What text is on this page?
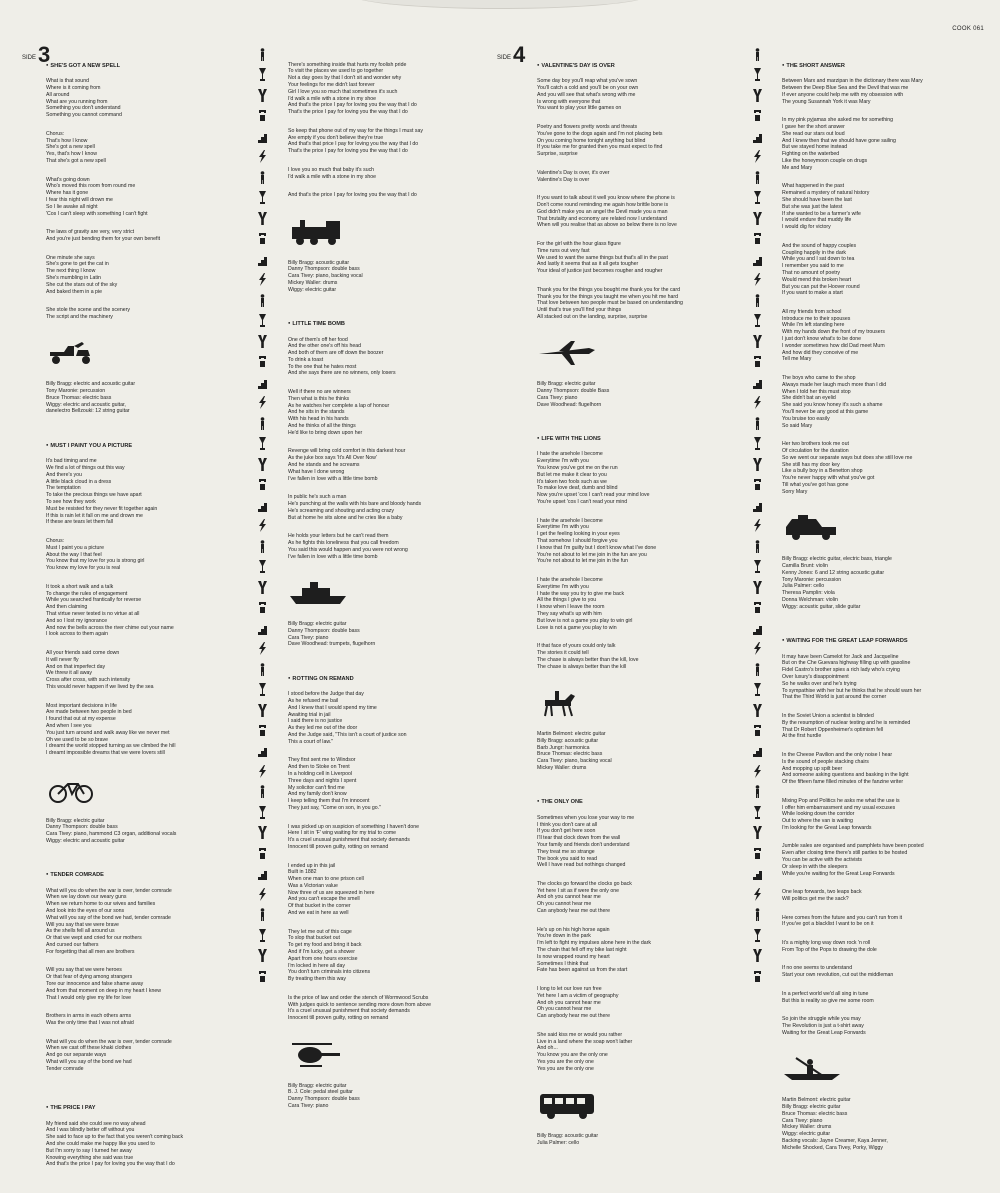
COOK 061
SIDE 3	SIDE 4

● SHE'S GOT A NEW SPELL

What is that sound
Where is it coming from
All around
What are you running from
Something you don't understand
Something you cannot command

Chorus:
That's how I know
She's got a new spell
Yes, that's how I know
That she's got a new spell

What's going down
Who's moved this room from round me
Where has it gone
I fear this night will drown me
So I lie awake all night
'Cos I can't sleep with something I can't fight

The laws of gravity are very, very strict
And you're just bending them for your own benefit

One minute she says
She's gone to get the cat in
The next thing I know
She's mumbling in Latin
She cut the stars out of the sky
And baked them in a pie

She stole the scene and the scenery
The script and the machinery

Billy Bragg: electric and acoustic guitar
Tony Maronie: percussion
Bruce Thomas: electric bass
Wiggy: electric and acoustic guitar,
danelectro Bellzouki: 12 string guitar

● MUST I PAINT YOU A PICTURE

It's bad timing and me
We find a lot of things out this way
And there's you
A little black cloud in a dress
The temptation
To take the precious things we have apart
To see how they work
Must be resisted for they never fit together again
If this is rain let it fall on me and drown me
If these are tears let them fall

Chorus:
Must I paint you a picture
About the way I that feel
You know that my love for you is strong girl
You know my love for you is real

It took a short walk and a talk
To change the rules of engagement
While you searched frantically for reverse
And then claiming
That virtue never tested is no virtue at all
And so I lost my ignorance
And now the bells across the river chime out your name
I look across to them again

All your friends said come down
It will never fly
And on that imperfect day
We threw it all away
Cross after cross, with such intensity
This would never happen if we lived by the sea

Most important decisions in life
Are made between two people in bed
I found that out at my expense
And when I see you
You just turn around and walk away like we never met
Oh we used to be so brave
I dreamt the world stopped turning as we climbed the hill
I dreamt impossible dreams that we were lovers still

Billy Bragg: electric guitar
Danny Thompson: double bass
Cara Tivey: piano, hammond C3 organ, additional vocals
Wiggy: electric and acoustic guitar

● TENDER COMRADE

What will you do when the war is over, tender comrade
When we lay down our weary guns
When we return home to our wives and families
And look into the eyes of our sons
What will you say of the bond we had, tender comrade
Will you say that we were brave
As the shells fell all around us
Or that we wept and cried for our mothers
And cursed our fathers
For forgetting that all men are brothers

Will you say that we were heroes
Or that fear of dying among strangers
Tore our innocence and false shame away
And from that moment on deep in my heart I knew
That I would only give my life for love

Brothers in arms in each others arms
Was the only time that I was not afraid

What will you do when the war is over, tender comrade
When we cast off these khaki clothes
And go our separate ways
What will you say of the bond we had
Tender comrade

● THE PRICE I PAY

My friend said she could see no way ahead
And I was blindly better off without you
She said to face up to the fact that you weren't coming back
And she could make me happy like you used to
But I'm sorry to say I turned her away
Knowing everything she said was true
And that's the price I pay for loving you the way that I do

There's something inside that hurts my foolish pride
To visit the places we used to go together
Not a day goes by that I don't sit and wonder why
Your feelings for me didn't last forever
Girl I love you so much that sometimes it's such
I'd walk a mile with a stone in my shoe
And that's the price I pay for loving you the way that I do
That's the price I pay for loving you the way that I do

So keep that phone out of my way for the things I must say
Are empty if you don't believe they're true
And that's that price I pay for loving you the way that I do
That's the price I pay for loving you the way that I do

I love you so much that baby it's such
I'd walk a mile with a stone in my shoe

And that's the price I pay for loving you the way that I do

Billy Bragg: acoustic guitar
Danny Thompson: double bass
Cara Tivey: piano, backing vocal
Mickey Waller: drums
Wiggy: electric guitar

● LITTLE TIME BOMB

One of them's off her food
And the other one's off his head
And both of them are off down the boozer
To drink a toast
To the one that he hates most
And she says there are no winners, only losers

Well if there no are winners
Then what is this he thinks
As he watches her complete a lap of honour
And he sits in the stands
With his head in his hands
And he thinks of all the things
He'd like to bring down upon her

Revenge will bring cold comfort in this darkest hour
As the juke box says 'It's All Over Now'
And he stands and he screams
What have I done wrong
I've fallen in love with a little time bomb

In public he's such a man
He's punching at the walls with his bare and bloody hands
He's screaming and shouting and acting crazy
But at home he sits alone and he cries like a baby

He holds your letters but he can't read them
As he fights this loneliness that you call freedom
You said this would happen and you were not wrong
I've fallen in love with a little time bomb

Billy Bragg: electric guitar
Danny Thompson: double bass
Cara Tivey: piano
Dave Woodhead: trumpets, flugelhorn

● ROTTING ON REMAND

I stood before the Judge that day
As he refused me bail
And I knew that I would spend my time
Awaiting trial in jail
I said there is no justice
As they led me out of the door
And the Judge said, "This isn't a court of justice son
This a court of law."

They first sent me to Windsor
And then to Stoke on Trent
In a holding cell in Liverpool
Three days and nights I spent
My solicitor can't find me
And my family don't know
I keep telling them that I'm innocent
They just say, "Come on son, in you go."

I was picked up on suspicion of something I haven't done
Here I sit in 'F' wing waiting for my trial to come
It's a cruel unusual punishment that society demands
Innocent till proven guilty, rotting on remand

I ended up in this jail
Built in 1882
When one man to one prison cell
Was a Victorian value
Now three of us are squeezed in here
And you can't escape the smell
Of that bucket in the corner
And we eat in here as well

They let me out of this cage
To slop that bucket out
To get my food and bring it back
And if I'm lucky, get a shower
Apart from one hours exercise
I'm locked in here all day
You don't turn criminals into citizens
By treating them this way

Is the price of law and order the stench of Wormwood Scrubs
With judges quick to sentence sending more down from above
It's a cruel unusual punishment that society demands
Innocent till proven guilty, rotting on remand

Billy Bragg: electric guitar
B. J. Cole: pedal steel guitar
Danny Thompson: double bass
Cara Tivey: piano

● VALENTINE'S DAY IS OVER

Some day boy you'll reap what you've sown
You'll catch a cold and you'll be on your own
And you will see that what's wrong with me
Is wrong with everyone that
You want to play your little games on

Poetry and flowers pretty words and threats
You've gone to the dogs again and I'm not placing bets
On you coming home tonight anything but blind
If you take me for granted then you must expect to find
Surprise, surprise

Valentine's Day is over, it's over
Valentine's Day is over

If you want to talk about it well you know where the phone is
Don't come round reminding me again how brittle bone is
God didn't make you an angel the Devil made you a man
That brutality and economy are related now I understand
When will you realise that as above so below there is no love

For the girl with the hour glass figure
Time runs out very fast
We used to want the same things but that's all in the past
And lastly it seems that as it all gets tougher
Your ideal of justice just becomes rougher and rougher

Thank you for the things you bought me thank you for the card
Thank you for the things you taught me when you hit me hard
That love between two people must be based on understanding
Until that's true you'll find your things
All stacked out on the landing, surprise, surprise

Billy Bragg: electric guitar
Danny Thompson: double Bass
Cara Tivey: piano
Dave Woodhead: flugelhorn

● LIFE WITH THE LIONS

I hate the arsehole I become
Everytime I'm with you
You know you've got me on the run
But let me make it clear to you
It's taken two fools such as we
To make love deaf, dumb and blind
Now you're upset 'cos I can't read your mind love
You're upset 'cos I can't read your mind

I hate the arsehole I become
Everytime I'm with you
I get the feeling looking in your eyes
That somehow I should forgive you
I know that I'm guilty but I don't know what I've done
You're not about to let me join in the fun are you
You're not about to let me join in the fun

I hate the arsehole I become
Everytime I'm with you
I hate the way you try to give me back
All the things I give to you
I know when I leave the room
They say what's up with him
But love is not a game you play to win girl
Love is not a game you play to win

If that face of yours could only talk
The stories it could tell
The chase is always better than the kill, love
The chase is always better than the kill

Martin Belmont: electric guitar
Billy Bragg: acoustic guitar
Barb Jungr: harmonica
Bruce Thomas: electric bass
Cara Tivey: piano, backing vocal
Mickey Waller: drums

● THE ONLY ONE

Sometimes when you lose your way to me
I think you don't care at all
If you don't get here soon
I'll tear that clock down from the wall
Your family and friends don't understand
They treat me so strange
The book you said to read
Well I have read but nothings changed

The clocks go forward the clocks go back
Yet here I sit as if were the only one
And oh you cannot hear me
Oh you cannot hear me
Can anybody hear me out there

He's up on his high horse again
You're down in the park
I'm left to fight my impulses alone here in the dark
The chain that fell off my bike last night
Is now wrapped round my heart
Sometimes I think that
Fate has been against us from the start

I long to let our love run free
Yet here I am a victim of geography
And oh you cannot hear me
Oh you cannot hear me
Can anybody hear me out there

She said kiss me or would you rather
Live in a land where the soap won't lather
And oh...
You know you are the only one
Yes you are the only one
Yes you are the only one

Billy Bragg: acoustic guitar
Julia Palmer: cello

● THE SHORT ANSWER

Between Marx and marzipan in the dictionary there was Mary
Between the Deep Blue Sea and the Devil that was me
If ever anyone could help me with my obsession with
The young Susannah York it was Mary

In my pink pyjamas she asked me for something
I gave her the short answer
She read our stars out loud
And I knew then that we should have gone sailing
But we stayed home instead
Fighting on the waterbed
Like the honeymoon couple on drugs
Me and Mary

What happened in the past
Remained a mystery of natural history
She should have been the last
But she was just the latest
If she wanted to be a farmer's wife
I would endure that muddy life
I would dig for victory

And the sound of happy couples
Coupling happily in the dark
While you and I sat down to tea
I remember you said to me
That no amount of poetry
Would mend this broken heart
But you can put the Hoover round
If you want to make a start

All my friends from school
Introduce me to their spouses
While I'm left standing here
With my hands down the front of my trousers
I just don't know what's to be done
I wonder sometimes how did Dad meet Mum
And how did they conceive of me
Tell me Mary

The boys who came to the shop
Always made her laugh much more than I did
When I told her this must stop
She didn't bat an eyelid
She said you know honey it's such a shame
You'll never be any good at this game
You bruise too easily
So said Mary

Her two brothers took me out
Of circulation for the duration
So we went our separate ways but does she still love me
She still has my door key
Like a bully boy in a Benetton shop
You're never happy with what you've got
Till what you've got has gone
Sorry Mary

Billy Bragg: electric guitar, electric bass, triangle
Camilla Brunt: violin
Kenny Jones: 6 and 12 string acoustic guitar
Tony Maronie: percussion
Julia Palmer: cello
Theresa Pamplin: viola
Donna Welchman: violin
Wiggy: acoustic guitar, slide guitar

● WAITING FOR THE GREAT LEAP FORWARDS

It may have been Camelot for Jack and Jacqueline
But on the Che Guevara highway filling up with gasoline
Fidel Castro's brother spies a rich lady who's crying
Over luxury's disappointment
So he walks over and he's trying
To sympathise with her but he thinks that he should warn her
That the Third World is just around the corner

In the Soviet Union a scientist is blinded
By the resumption of nuclear testing and he is reminded
That Dr Robert Oppenheimer's optimism fell
At the first hurdle

In the Cheese Pavilion and the only noise I hear
Is the sound of people stacking chairs
And mopping up spilt beer
And someone asking questions and basking in the light
Of the fifteen fame filled minutes of the fanzine writer

Mixing Pop and Politics he asks me what the use is
I offer him embarrassment and my usual excuses
While looking down the corridor
Out to where the van is waiting
I'm looking for the Great Leap forwards

Jumble sales are organised and pamphlets have been posted
Even after closing time there's still parties to be hosted
You can be active with the activists
Or sleep in with the sleepers
While you're waiting for the Great Leap Forwards

One leap forwards, two leaps back
Will politics get me the sack?

Here comes from the future and you can't run from it
If you've got a blacklist I want to be on it

It's a mighty long way down rock 'n roll
From Top of the Pops to drawing the dole

If no one seems to understand
Start your own revolution, cut out the middleman

In a perfect world we'd all sing in tune
But this is reality so give me some room

So join the struggle while you may
The Revolution is just a t-shirt away
Waiting for the Great Leap Forwards

Martin Belmont: electric guitar
Billy Bragg: electric guitar
Bruce Thomas: electric bass
Cara Tivey: piano
Mickey Waller: drums
Wiggy: electric guitar
Backing vocals: Jayne Creamer, Kaya Jenner,
Michelle Shocked, Cara Tivey, Porky, Wiggy
